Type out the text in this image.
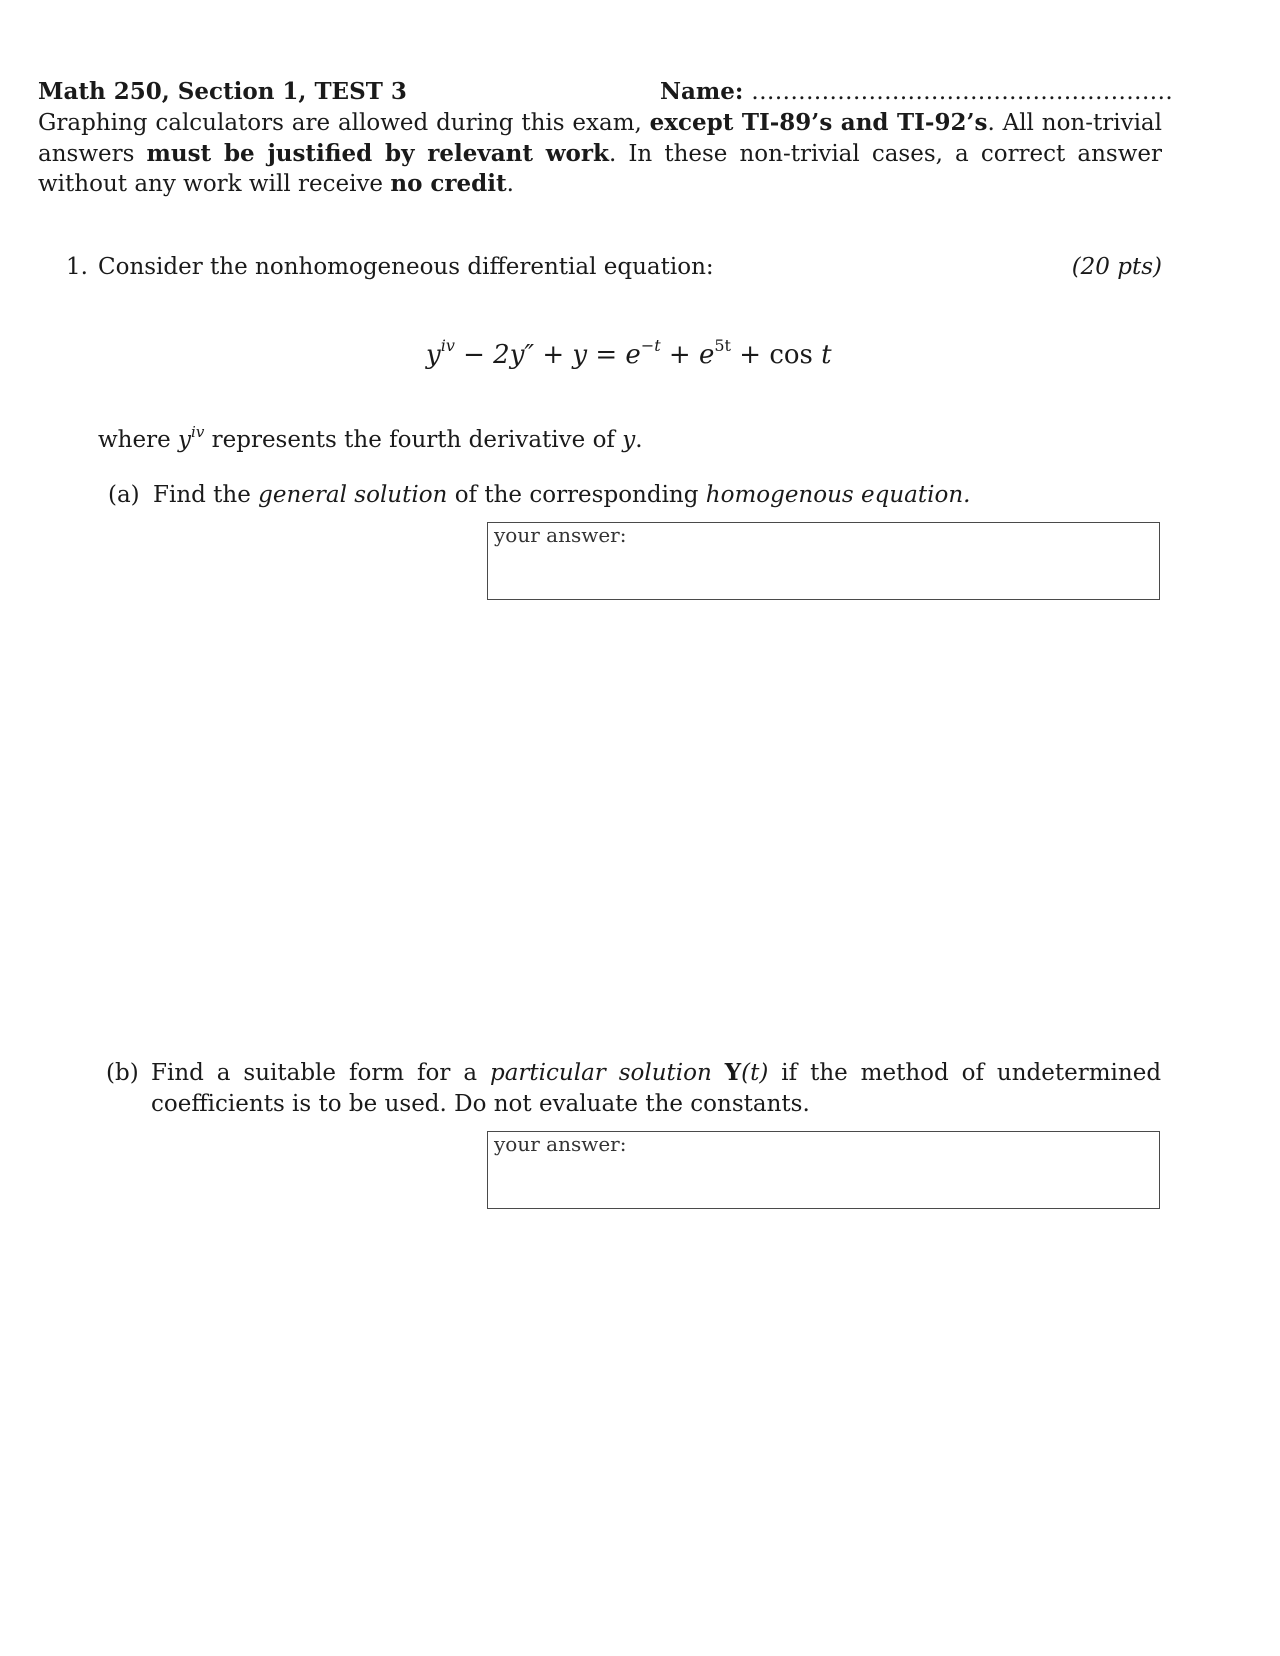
Math 250, Section 1, TEST 3	Name: ......................................................
Graphing calculators are allowed during this exam, except TI-89’s and TI-92’s. All non-trivial answers must be justified by relevant work. In these non-trivial cases, a correct answer without any work will receive no credit.
1. Consider the nonhomogeneous differential equation:	(20 pts)
$y^{iv} - 2y'' + y = e^{-t} + e^{5t} + \cos t$
where $y^{iv}$ represents the fourth derivative of y.
(a) Find the general solution of the corresponding homogenous equation.
your answer:
(b) Find a suitable form for a particular solution Y(t) if the method of undetermined coefficients is to be used. Do not evaluate the constants.
your answer:
